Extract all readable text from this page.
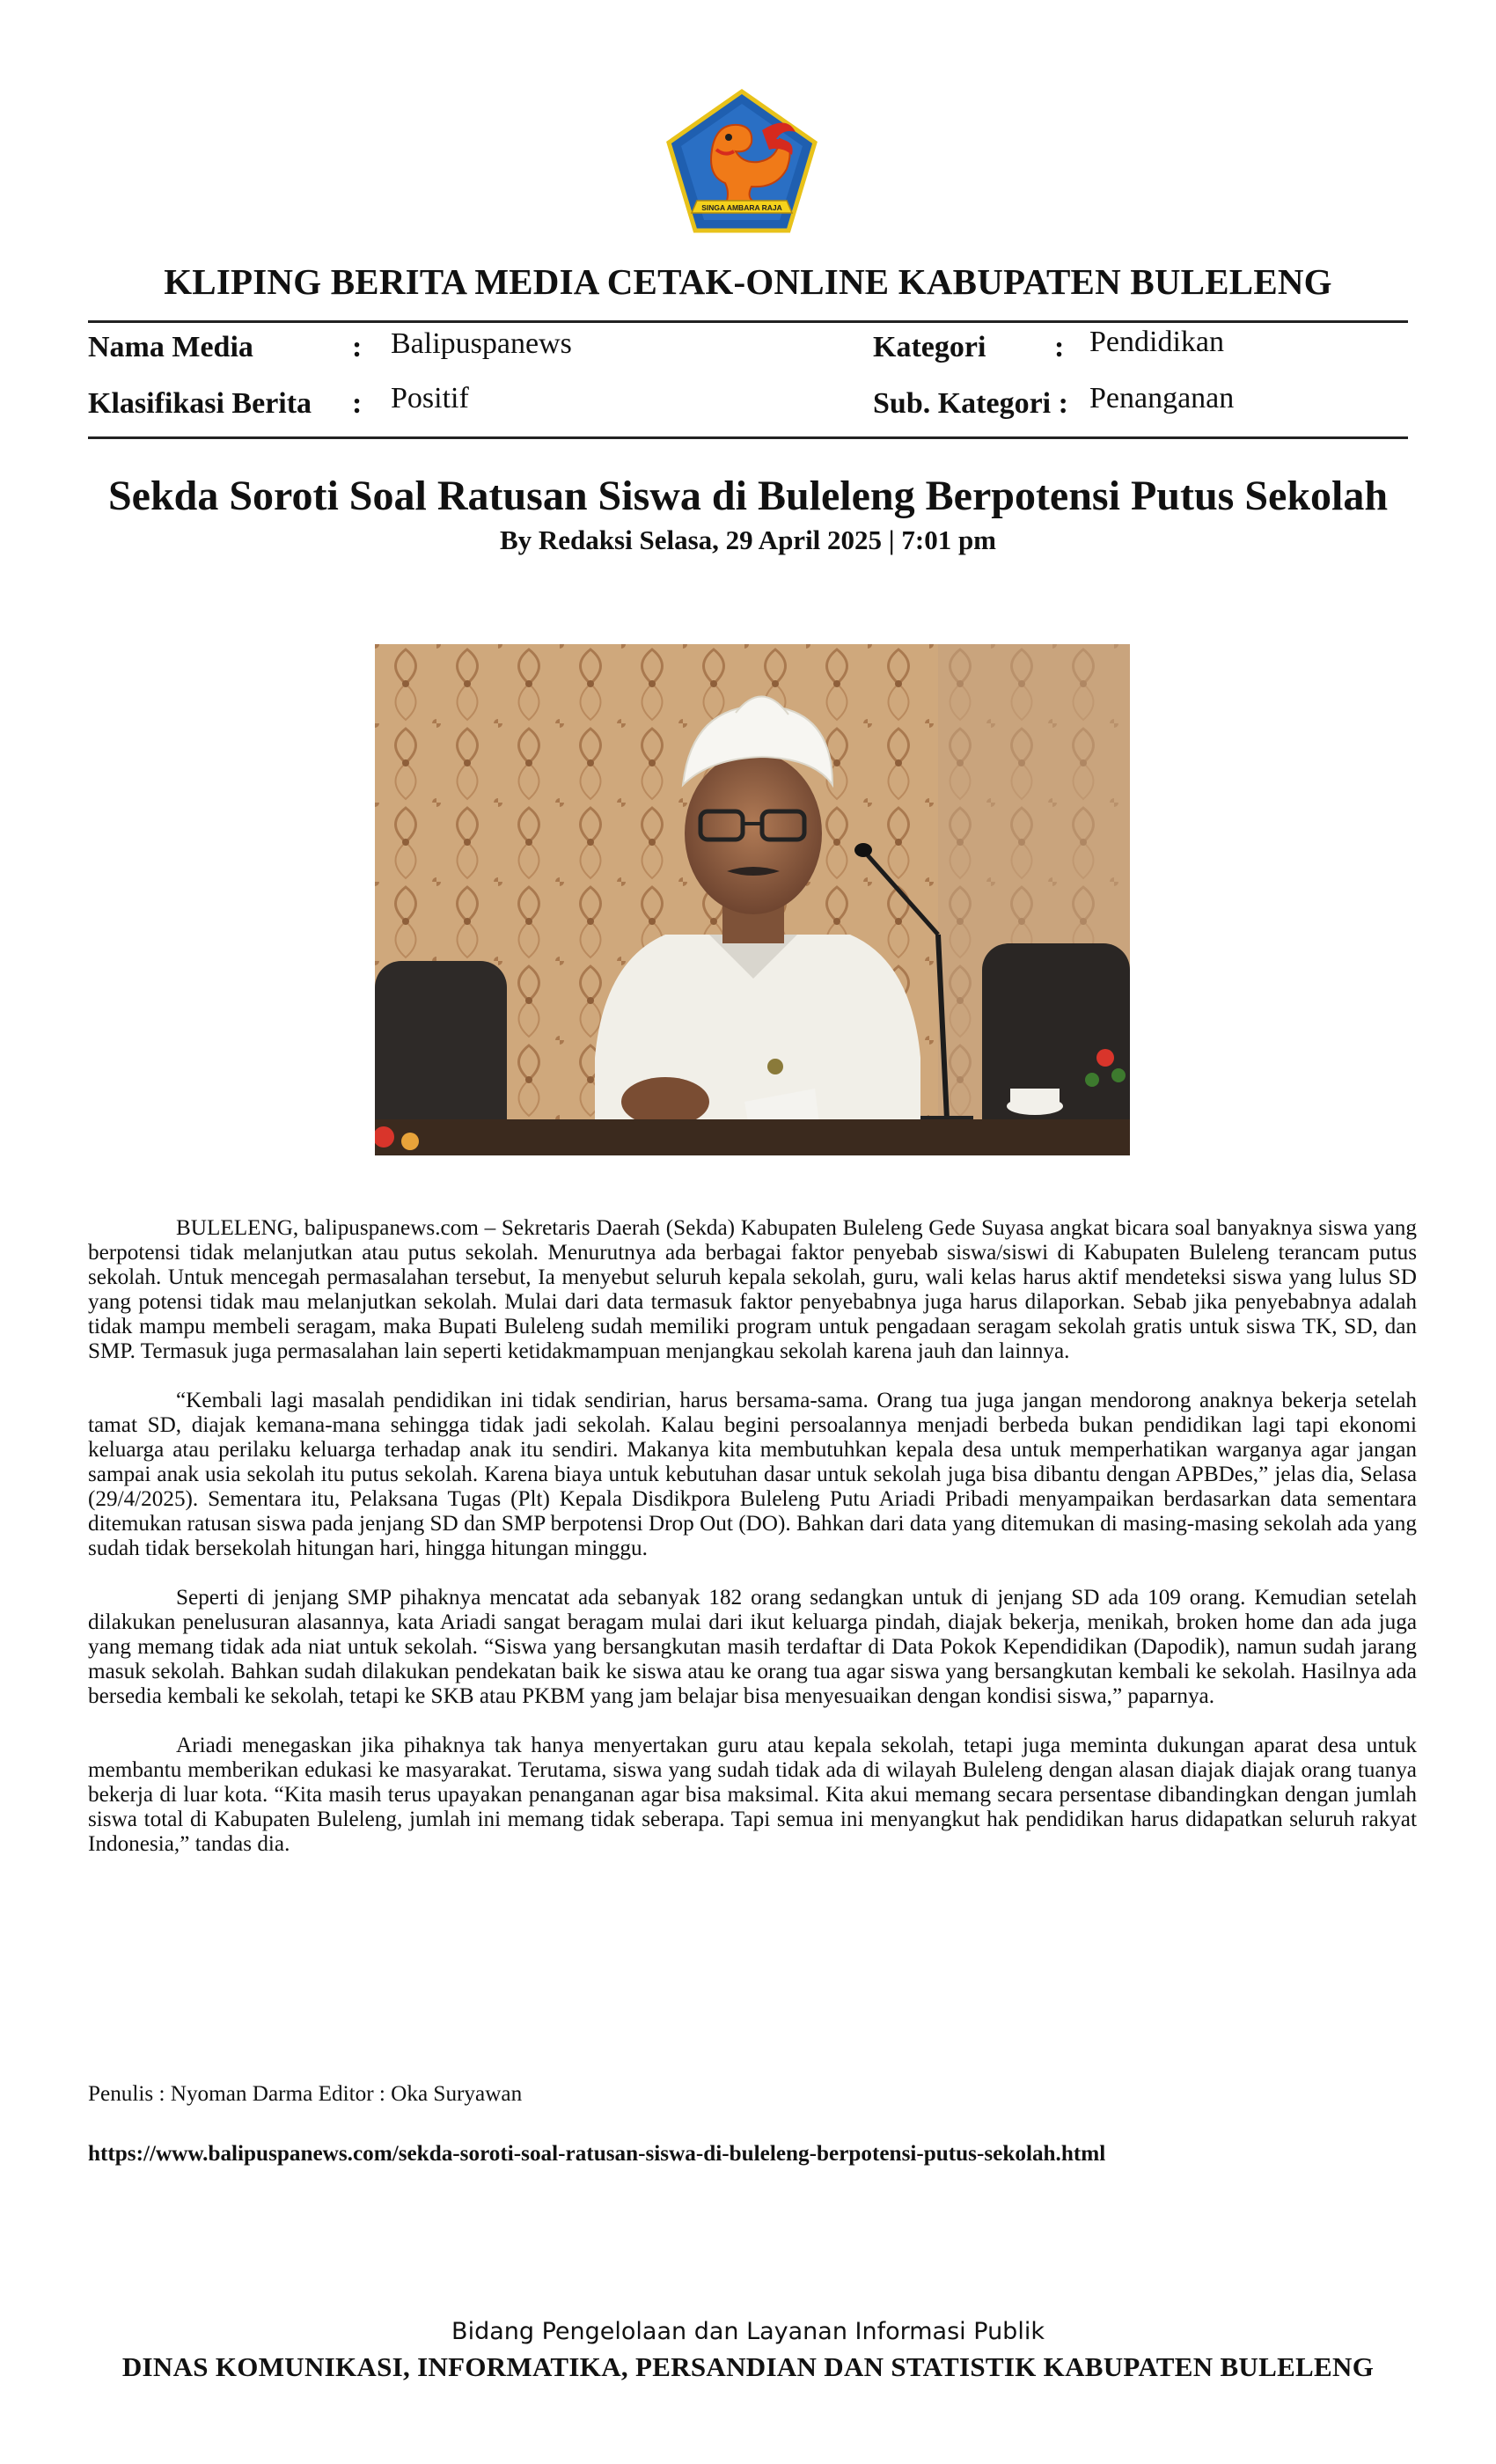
SINGA AMBARA RAJA
KLIPING BERITA MEDIA CETAK-ONLINE KABUPATEN BULELENG
Nama Media	: Balipuspanews
Klasifikasi Berita : Positif
Kategori : Pendidikan
Sub. Kategori : Penanganan
Sekda Soroti Soal Ratusan Siswa di Buleleng Berpotensi Putus Sekolah
By Redaksi Selasa, 29 April 2025 | 7:01 pm

BULELENG, balipuspanews.com – Sekretaris Daerah (Sekda) Kabupaten Buleleng Gede Suyasa angkat bicara soal banyaknya siswa yang berpotensi tidak melanjutkan atau putus sekolah. Menurutnya ada berbagai faktor penyebab siswa/siswi di Kabupaten Buleleng terancam putus sekolah. Untuk mencegah permasalahan tersebut, Ia menyebut seluruh kepala sekolah, guru, wali kelas harus aktif mendeteksi siswa yang lulus SD yang potensi tidak mau melanjutkan sekolah. Mulai dari data termasuk faktor penyebabnya juga harus dilaporkan. Sebab jika penyebabnya adalah tidak mampu membeli seragam, maka Bupati Buleleng sudah memiliki program untuk pengadaan seragam sekolah gratis untuk siswa TK, SD, dan SMP. Termasuk juga permasalahan lain seperti ketidakmampuan menjangkau sekolah karena jauh dan lainnya.

“Kembali lagi masalah pendidikan ini tidak sendirian, harus bersama-sama. Orang tua juga jangan mendorong anaknya bekerja setelah tamat SD, diajak kemana-mana sehingga tidak jadi sekolah. Kalau begini persoalannya menjadi berbeda bukan pendidikan lagi tapi ekonomi keluarga atau perilaku keluarga terhadap anak itu sendiri. Makanya kita membutuhkan kepala desa untuk memperhatikan warganya agar jangan sampai anak usia sekolah itu putus sekolah. Karena biaya untuk kebutuhan dasar untuk sekolah juga bisa dibantu dengan APBDes,” jelas dia, Selasa (29/4/2025). Sementara itu, Pelaksana Tugas (Plt) Kepala Disdikpora Buleleng Putu Ariadi Pribadi menyampaikan berdasarkan data sementara ditemukan ratusan siswa pada jenjang SD dan SMP berpotensi Drop Out (DO). Bahkan dari data yang ditemukan di masing-masing sekolah ada yang sudah tidak bersekolah hitungan hari, hingga hitungan minggu.

Seperti di jenjang SMP pihaknya mencatat ada sebanyak 182 orang sedangkan untuk di jenjang SD ada 109 orang. Kemudian setelah dilakukan penelusuran alasannya, kata Ariadi sangat beragam mulai dari ikut keluarga pindah, diajak bekerja, menikah, broken home dan ada juga yang memang tidak ada niat untuk sekolah. “Siswa yang bersangkutan masih terdaftar di Data Pokok Kependidikan (Dapodik), namun sudah jarang masuk sekolah. Bahkan sudah dilakukan pendekatan baik ke siswa atau ke orang tua agar siswa yang bersangkutan kembali ke sekolah. Hasilnya ada bersedia kembali ke sekolah, tetapi ke SKB atau PKBM yang jam belajar bisa menyesuaikan dengan kondisi siswa,” paparnya.

Ariadi menegaskan jika pihaknya tak hanya menyertakan guru atau kepala sekolah, tetapi juga meminta dukungan aparat desa untuk membantu memberikan edukasi ke masyarakat. Terutama, siswa yang sudah tidak ada di wilayah Buleleng dengan alasan diajak diajak orang tuanya bekerja di luar kota. “Kita masih terus upayakan penanganan agar bisa maksimal. Kita akui memang secara persentase dibandingkan dengan jumlah siswa total di Kabupaten Buleleng, jumlah ini memang tidak seberapa. Tapi semua ini menyangkut hak pendidikan harus didapatkan seluruh rakyat Indonesia,” tandas dia.

Penulis : Nyoman Darma Editor : Oka Suryawan
https://www.balipuspanews.com/sekda-soroti-soal-ratusan-siswa-di-buleleng-berpotensi-putus-sekolah.html
Bidang Pengelolaan dan Layanan Informasi Publik
DINAS KOMUNIKASI, INFORMATIKA, PERSANDIAN DAN STATISTIK KABUPATEN BULELENG
